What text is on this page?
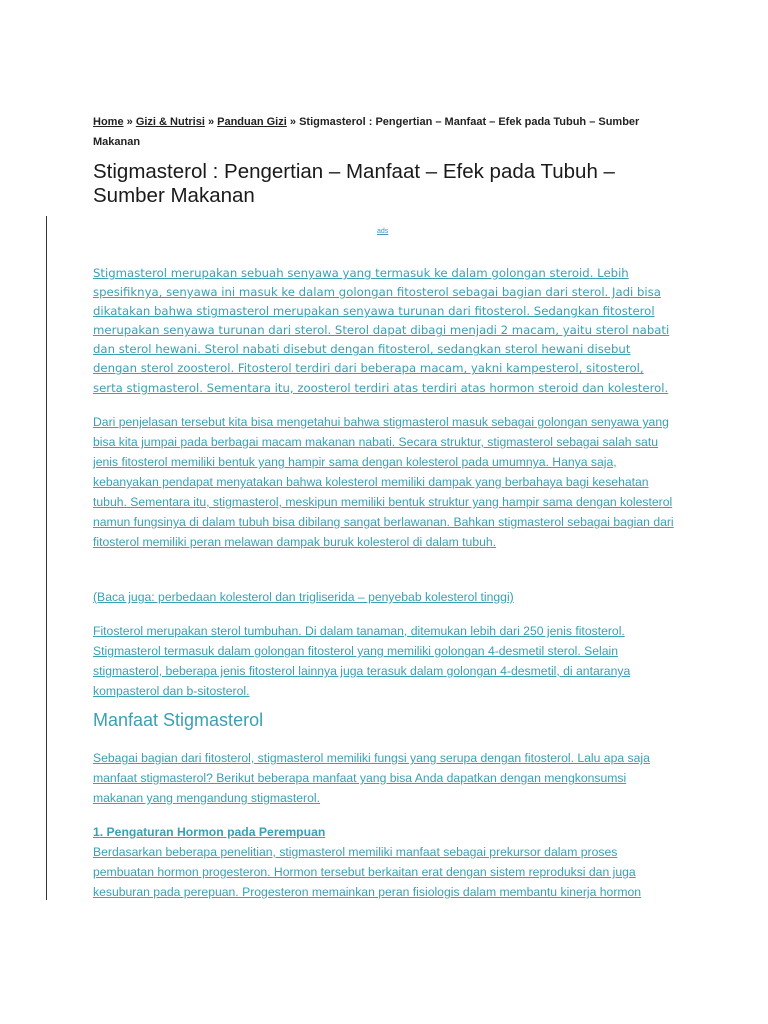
Home » Gizi & Nutrisi » Panduan Gizi » Stigmasterol : Pengertian – Manfaat – Efek pada Tubuh – Sumber Makanan
Stigmasterol : Pengertian – Manfaat – Efek pada Tubuh – Sumber Makanan
ads

Stigmasterol merupakan sebuah senyawa yang termasuk ke dalam golongan steroid. Lebih spesifiknya, senyawa ini masuk ke dalam golongan fitosterol sebagai bagian dari sterol. Jadi bisa dikatakan bahwa stigmasterol merupakan senyawa turunan dari fitosterol. Sedangkan fitosterol merupakan senyawa turunan dari sterol. Sterol dapat dibagi menjadi 2 macam, yaitu sterol nabati dan sterol hewani. Sterol nabati disebut dengan fitosterol, sedangkan sterol hewani disebut dengan sterol zoosterol. Fitosterol terdiri dari beberapa macam, yakni kampesterol, sitosterol, serta stigmasterol. Sementara itu, zoosterol terdiri atas terdiri atas hormon steroid dan kolesterol.

Dari penjelasan tersebut kita bisa mengetahui bahwa stigmasterol masuk sebagai golongan senyawa yang bisa kita jumpai pada berbagai macam makanan nabati. Secara struktur, stigmasterol sebagai salah satu jenis fitosterol memiliki bentuk yang hampir sama dengan kolesterol pada umumnya. Hanya saja, kebanyakan pendapat menyatakan bahwa kolesterol memiliki dampak yang berbahaya bagi kesehatan tubuh. Sementara itu, stigmasterol, meskipun memiliki bentuk struktur yang hampir sama dengan kolesterol namun fungsinya di dalam tubuh bisa dibilang sangat berlawanan. Bahkan stigmasterol sebagai bagian dari fitosterol memiliki peran melawan dampak buruk kolesterol di dalam tubuh.

(Baca juga: perbedaan kolesterol dan trigliserida – penyebab kolesterol tinggi)

Fitosterol merupakan sterol tumbuhan. Di dalam tanaman, ditemukan lebih dari 250 jenis fitosterol. Stigmasterol termasuk dalam golongan fitosterol yang memiliki golongan 4-desmetil sterol. Selain stigmasterol, beberapa jenis fitosterol lainnya juga terasuk dalam golongan 4-desmetil, di antaranya kompasterol dan b-sitosterol.

Manfaat Stigmasterol

Sebagai bagian dari fitosterol, stigmasterol memiliki fungsi yang serupa dengan fitosterol. Lalu apa saja manfaat stigmasterol? Berikut beberapa manfaat yang bisa Anda dapatkan dengan mengkonsumsi makanan yang mengandung stigmasterol.

1. Pengaturan Hormon pada Perempuan

Berdasarkan beberapa penelitian, stigmasterol memiliki manfaat sebagai prekursor dalam proses pembuatan hormon progesteron. Hormon tersebut berkaitan erat dengan sistem reproduksi dan juga kesuburan pada perepuan. Progesteron memainkan peran fisiologis dalam membantu kinerja hormon
